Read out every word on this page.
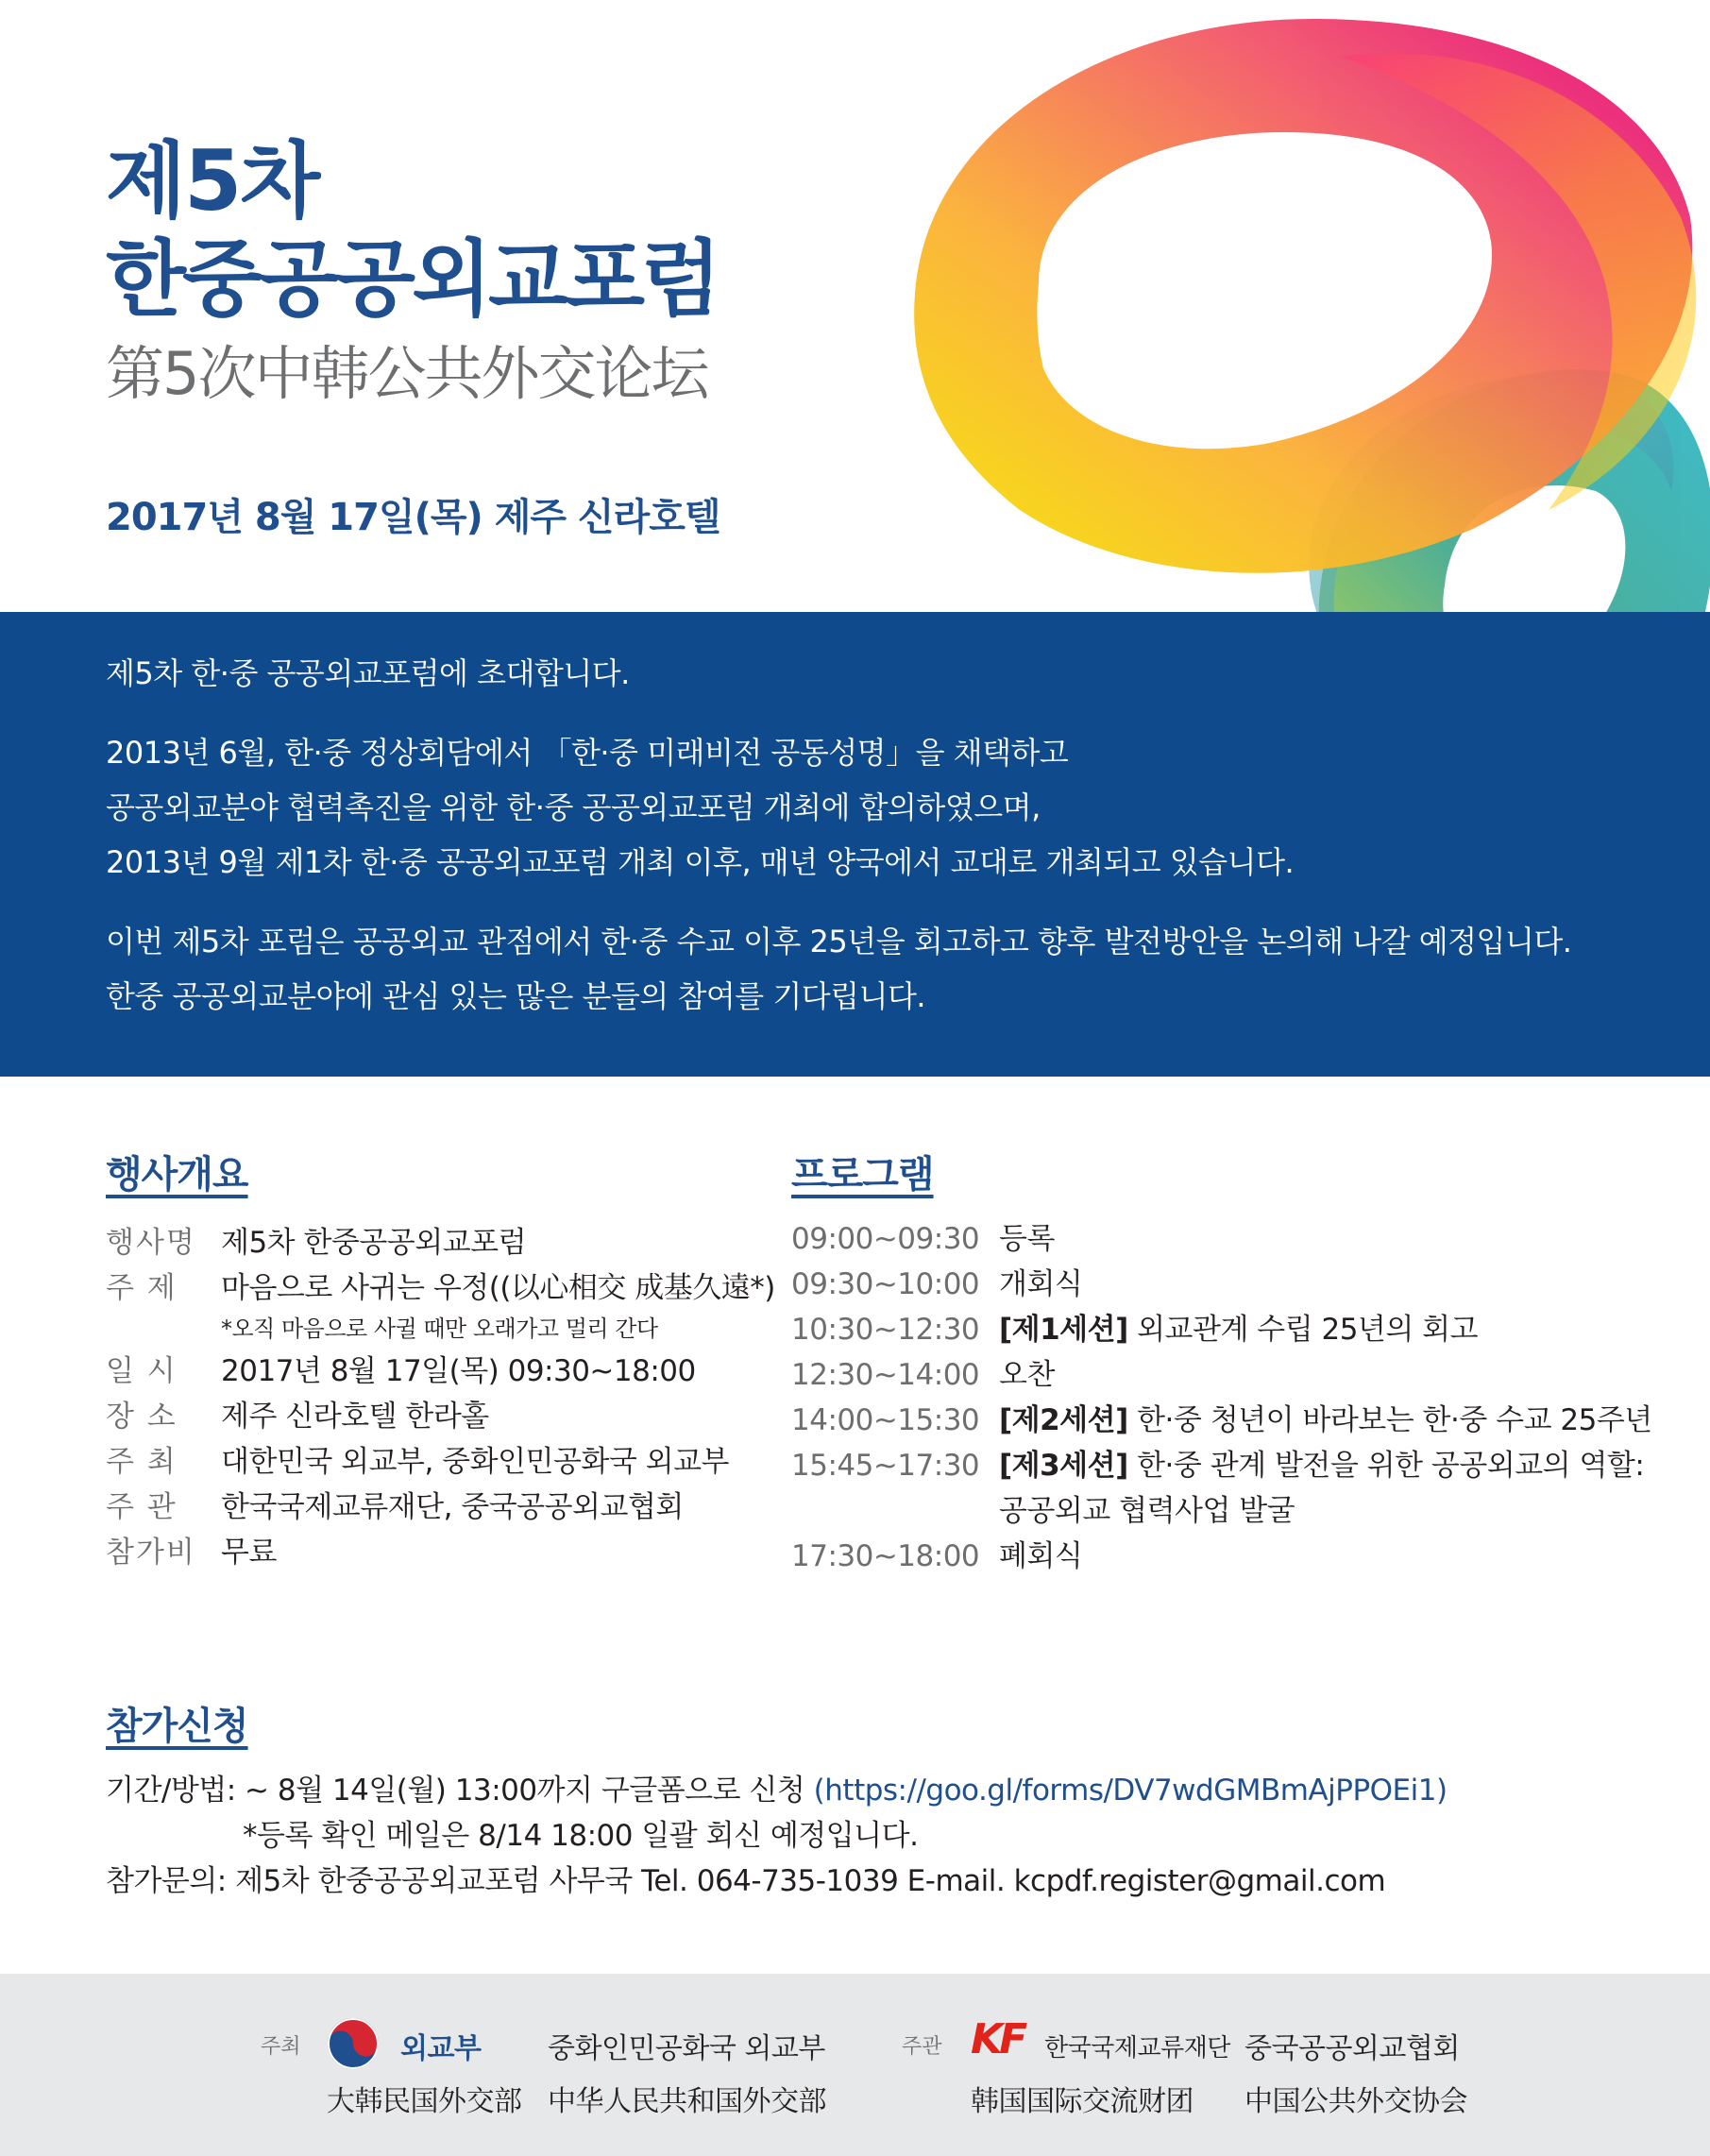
제5차
한중공공외교포럼
第5次中韩公共外交论坛
2017년 8월 17일(목) 제주 신라호텔

제5차 한·중 공공외교포럼에 초대합니다.

2013년 6월, 한·중 정상회담에서 「한·중 미래비전 공동성명」을 채택하고

공공외교분야 협력촉진을 위한 한·중 공공외교포럼 개최에 합의하였으며,

2013년 9월 제1차 한·중 공공외교포럼 개최 이후, 매년 양국에서 교대로 개최되고 있습니다.

이번 제5차 포럼은 공공외교 관점에서 한·중 수교 이후 25년을 회고하고 향후 발전방안을 논의해 나갈 예정입니다.

한중 공공외교분야에 관심 있는 많은 분들의 참여를 기다립니다.

행사개요	프로그램
행사명 제5차 한중공공외교포럼
주 제	마음으로 사귀는 우정((以心相交 成基久遠*)
*오직 마음으로 사귈 때만 오래가고 멀리 간다
일 시	2017년 8월 17일(목) 09:30~18:00
장 소	제주 신라호텔 한라홀
주 최	대한민국 외교부, 중화인민공화국 외교부
주 관	한국국제교류재단, 중국공공외교협회
참가비 무료
09:00~09:30 등록
09:30~10:00 개회식
10:30~12:30 [제1세션] 외교관계 수립 25년의 회고
12:30~14:00 오찬
14:00~15:30 [제2세션] 한·중 청년이 바라보는 한·중 수교 25주년
15:45~17:30 [제3세션] 한·중 관계 발전을 위한 공공외교의 역할:
공공외교 협력사업 발굴
17:30~18:00 폐회식
참가신청
기간/방법: ~ 8월 14일(월) 13:00까지 구글폼으로 신청 (https://goo.gl/forms/DV7wdGMBmAjPPOEi1)
*등록 확인 메일은 8/14 18:00 일괄 회신 예정입니다.
참가문의: 제5차 한중공공외교포럼 사무국 Tel. 064-735-1039 E-mail. kcpdf.register@gmail.com
주최	외교부 중화인민공화국 외교부
大韩民国外交部 中华人民共和国外交部
주관 KF 한국국제교류재단 중국공공외교협회
韩国国际交流财团 中国公共外交协会
